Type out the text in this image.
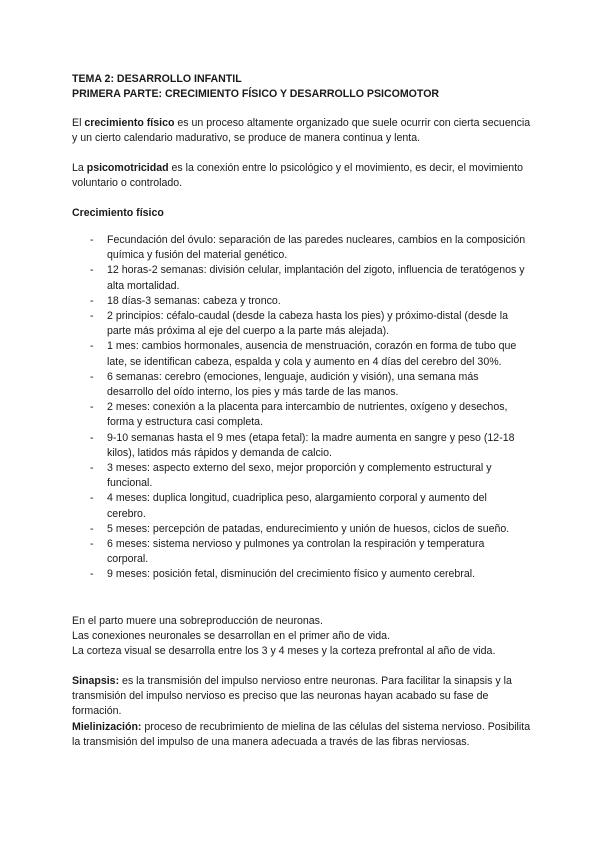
TEMA 2: DESARROLLO INFANTIL

PRIMERA PARTE: CRECIMIENTO FÍSICO Y DESARROLLO PSICOMOTOR

El crecimiento físico es un proceso altamente organizado que suele ocurrir con cierta secuencia y un cierto calendario madurativo, se produce de manera continua y lenta.

La psicomotricidad es la conexión entre lo psicológico y el movimiento, es decir, el movimiento voluntario o controlado.

Crecimiento físico

- Fecundación del óvulo: separación de las paredes nucleares, cambios en la composición química y fusión del material genético.
- 12 horas-2 semanas: división celular, implantación del zigoto, influencia de teratógenos y alta mortalidad.
- 18 días-3 semanas: cabeza y tronco.
- 2 principios: céfalo-caudal (desde la cabeza hasta los pies) y próximo-distal (desde la parte más próxima al eje del cuerpo a la parte más alejada).
- 1 mes: cambios hormonales, ausencia de menstruación, corazón en forma de tubo que late, se identifican cabeza, espalda y cola y aumento en 4 días del cerebro del 30%.
- 6 semanas: cerebro (emociones, lenguaje, audición y visión), una semana más desarrollo del oído interno, los pies y más tarde de las manos.
- 2 meses: conexión a la placenta para intercambio de nutrientes, oxígeno y desechos, forma y estructura casi completa.
- 9-10 semanas hasta el 9 mes (etapa fetal): la madre aumenta en sangre y peso (12-18 kilos), latidos más rápidos y demanda de calcio.
- 3 meses: aspecto externo del sexo, mejor proporción y complemento estructural y funcional.
- 4 meses: duplica longitud, cuadriplica peso, alargamiento corporal y aumento del cerebro.
- 5 meses: percepción de patadas, endurecimiento y unión de huesos, ciclos de sueño.
- 6 meses: sistema nervioso y pulmones ya controlan la respiración y temperatura corporal.
- 9 meses: posición fetal, disminución del crecimiento físico y aumento cerebral.

En el parto muere una sobreproducción de neuronas.

Las conexiones neuronales se desarrollan en el primer año de vida.

La corteza visual se desarrolla entre los 3 y 4 meses y la corteza prefrontal al año de vida.

Sinapsis: es la transmisión del impulso nervioso entre neuronas. Para facilitar la sinapsis y la transmisión del impulso nervioso es preciso que las neuronas hayan acabado su fase de formación.

Mielinización: proceso de recubrimiento de mielina de las células del sistema nervioso. Posibilita la transmisión del impulso de una manera adecuada a través de las fibras nerviosas.
